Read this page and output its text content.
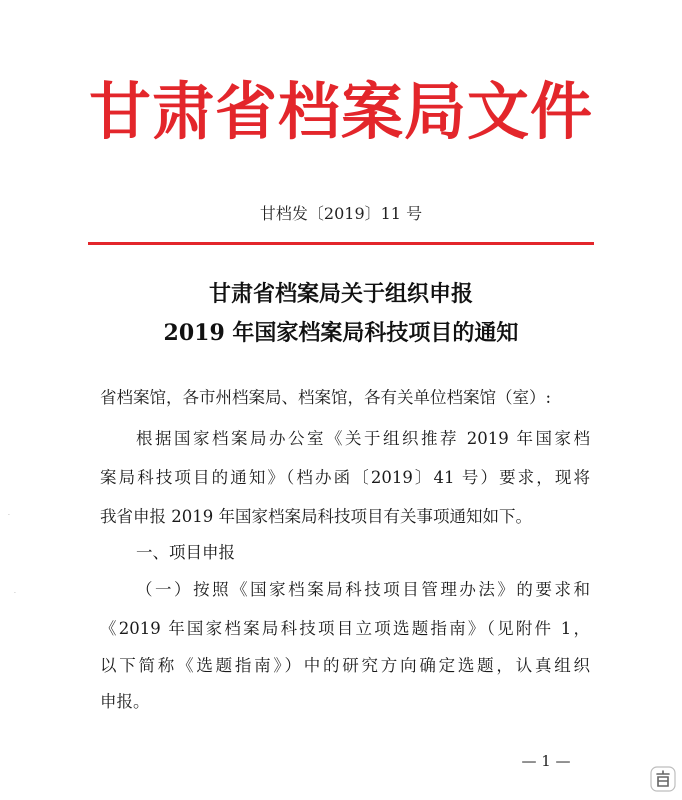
甘肃省档案局文件
甘档发〔2019〕11 号
甘肃省档案局关于组织申报
2019 年国家档案局科技项目的通知
省档案馆，各市州档案局、档案馆，各有关单位档案馆（室）:
根据国家档案局办公室《关于组织推荐 2019 年国家档
案局科技项目的通知》（档办函〔2019〕41 号）要求，现将
我省申报 2019 年国家档案局科技项目有关事项通知如下。
一、项目申报
（一）按照《国家档案局科技项目管理办法》的要求和
《2019 年国家档案局科技项目立项选题指南》（见附件 1，
以下简称《选题指南》）中的研究方向确定选题，认真组织
申报。
— 1 —
·
·
